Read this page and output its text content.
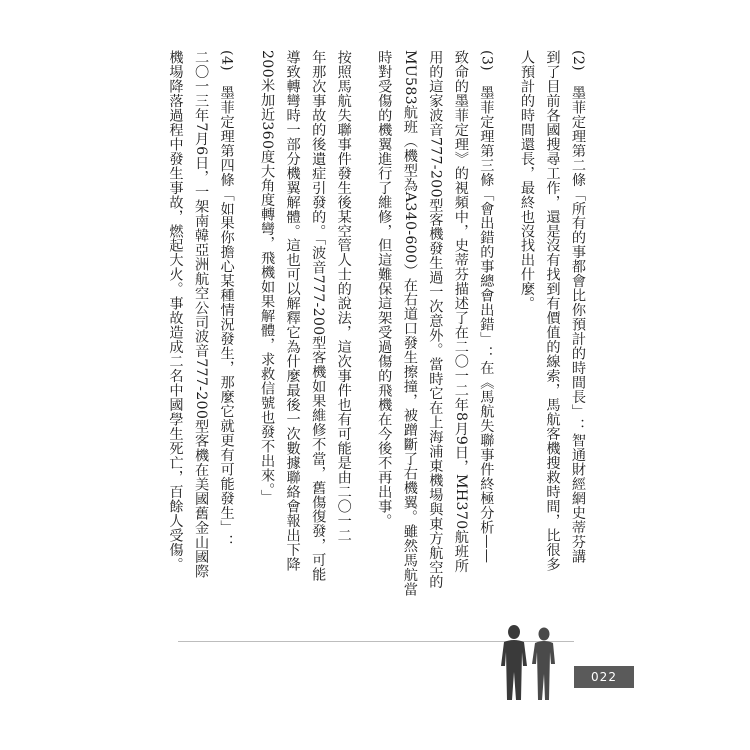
(2)　墨菲定理第二條「所有的事都會比你預計的時間長」：智通財經網史蒂芬講
到了目前各國搜尋工作，還是沒有找到有價值的線索，馬航客機搜救時間，比很多
人預計的時間還長，最終也沒找出什麼。
(3)　墨菲定理第三條「會出錯的事總會出錯」：在《馬航失聯事件終極分析——
致命的墨菲定理》的視頻中，史蒂芬描述了在二〇一二年8月9日，MH370航班所
用的這家波音777-200型客機發生過一次意外。當時它在上海浦東機場與東方航空的
MU583航班（機型為A340-600）在右道口發生擦撞，被蹭斷了右機翼。雖然馬航當
時對受傷的機翼進行了維修，但這難保這架受過傷的飛機在今後不再出事。
按照馬航失聯事件發生後某空管人士的說法，這次事件也有可能是由二〇一二
年那次事故的後遺症引發的。「波音777-200型客機如果維修不當，舊傷復發，可能
導致轉彎時一部分機翼解體。這也可以解釋它為什麼最後一次數據聯絡會報出下降
200米加近360度大角度轉彎，飛機如果解體，求救信號也發不出來。」
(4)　墨菲定理第四條「如果你擔心某種情況發生，那麼它就更有可能發生」：
二〇一三年7月6日，一架南韓亞洲航空公司波音777-200型客機在美國舊金山國際
機場降落過程中發生事故，燃起大火。事故造成二名中國學生死亡，百餘人受傷。
022
